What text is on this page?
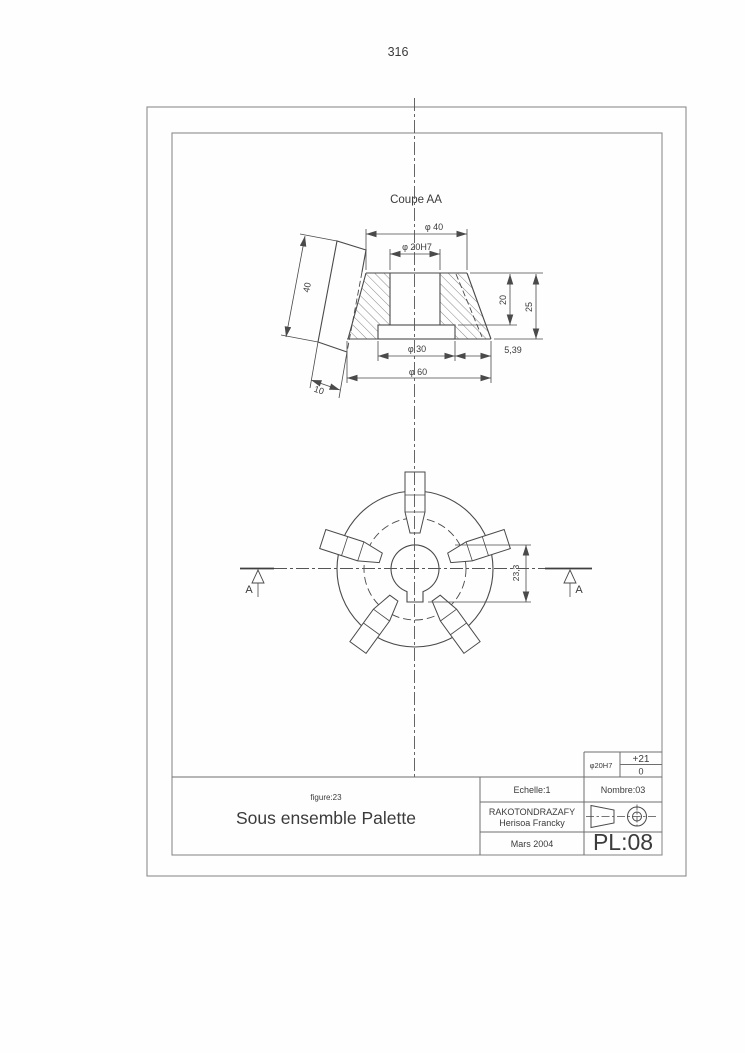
316
Coupe AA
φ 40
φ 20H7
40
10
20
25
φ 30	5,39
φ 60
A	A
23,3
figure:23
Sous ensemble Palette
Echelle:1	Nombre:03
RAKOTONDRAZAFY
Herisoa Francky
Mars 2004 PL:08
φ20H7
+21
0
